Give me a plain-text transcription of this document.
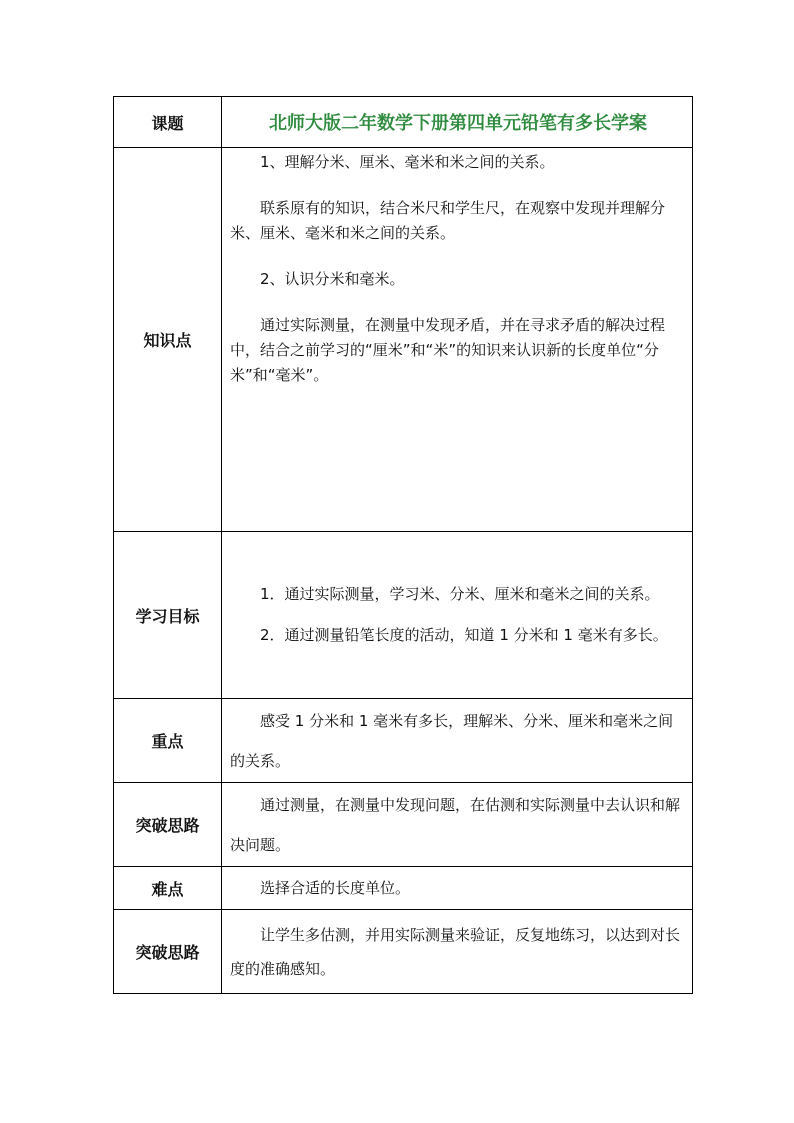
课题	北师大版二年数学下册第四单元铅笔有多长学案

知识点	1、理解分米、厘米、毫米和米之间的关系。
联系原有的知识，结合米尺和学生尺，在观察中发现并理解分米、厘米、毫米和米之间的关系。
2、认识分米和毫米。
通过实际测量，在测量中发现矛盾，并在寻求矛盾的解决过程中，结合之前学习的“厘米”和“米”的知识来认识新的长度单位“分米”和“毫米”。

学习目标	1．通过实际测量，学习米、分米、厘米和毫米之间的关系。
2．通过测量铅笔长度的活动，知道 1 分米和 1 毫米有多长。

重点	感受 1 分米和 1 毫米有多长，理解米、分米、厘米和毫米之间的关系。

突破思路	通过测量，在测量中发现问题，在估测和实际测量中去认识和解决问题。

难点	选择合适的长度单位。

突破思路	让学生多估测，并用实际测量来验证，反复地练习，以达到对长度的准确感知。
